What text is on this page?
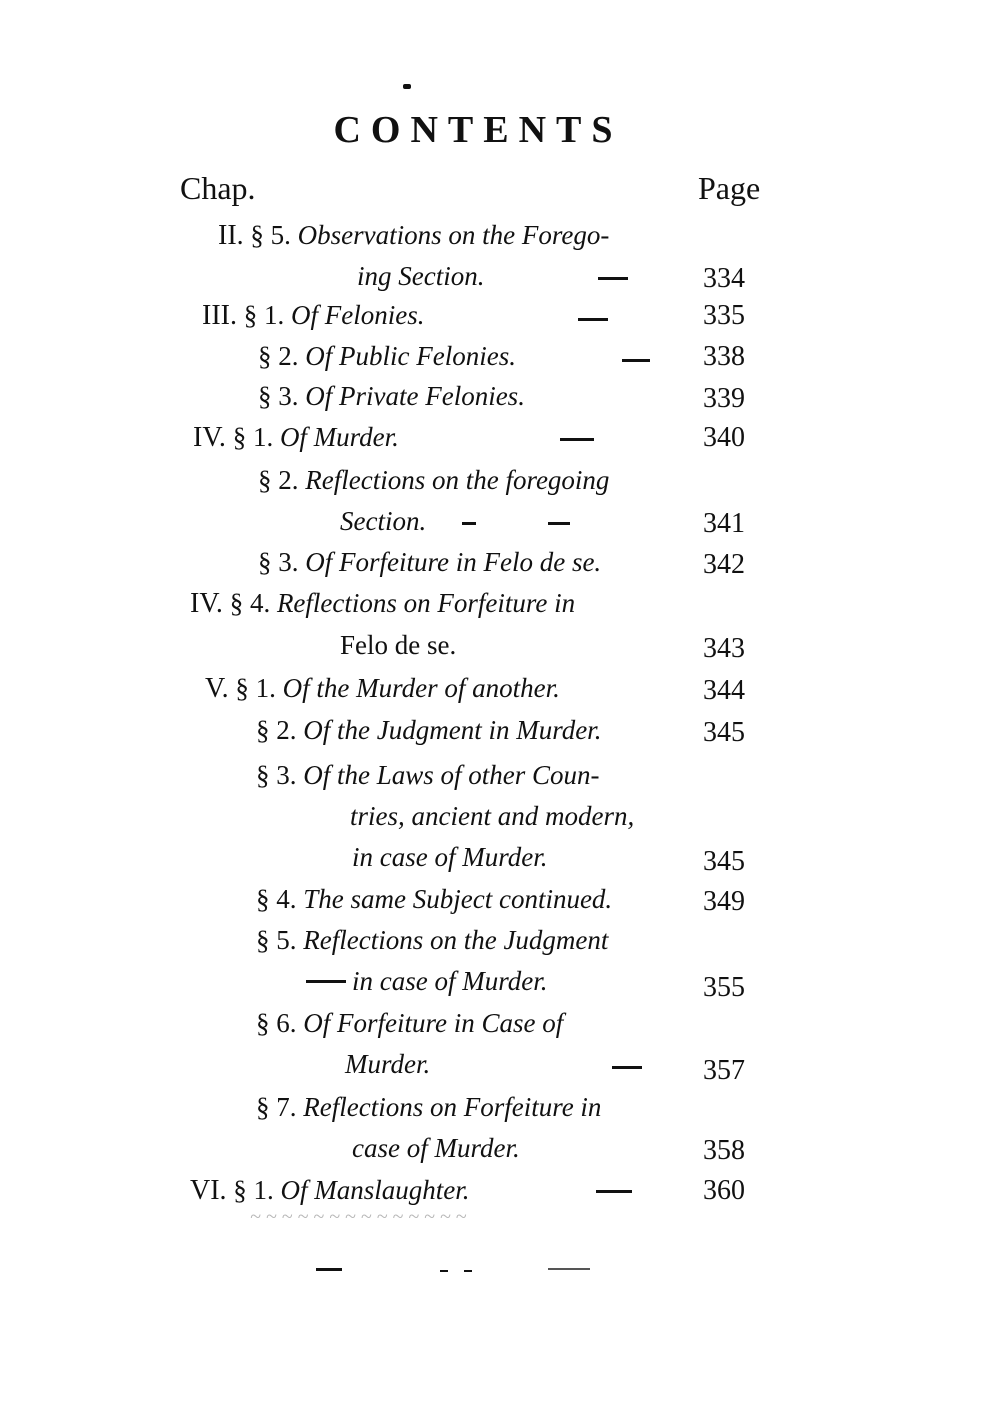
CONTENTS
Chap.	Page
II. § 5. Observations on the Forego-
ing Section.	334
III. § 1. Of Felonies.	335
§ 2. Of Public Felonies.	338
§ 3. Of Private Felonies.	339
IV. § 1. Of Murder.	340
§ 2. Reflections on the foregoing
Section.	341
§ 3. Of Forfeiture in Felo de se.	342
IV. § 4. Reflections on Forfeiture in
Felo de se.	343
V. § 1. Of the Murder of another.	344
§ 2. Of the Judgment in Murder.	345
§ 3. Of the Laws of other Coun-
tries, ancient and modern,
in case of Murder.	345
§ 4. The same Subject continued.	349
§ 5. Reflections on the Judgment
in case of Murder.	355
§ 6. Of Forfeiture in Case of
Murder.	357
§ 7. Reflections on Forfeiture in
case of Murder.	358
VI. § 1. Of Manslaughter.	360
~ ~ ~ ~ ~ ~ ~ ~ ~ ~ ~ ~ ~ ~
